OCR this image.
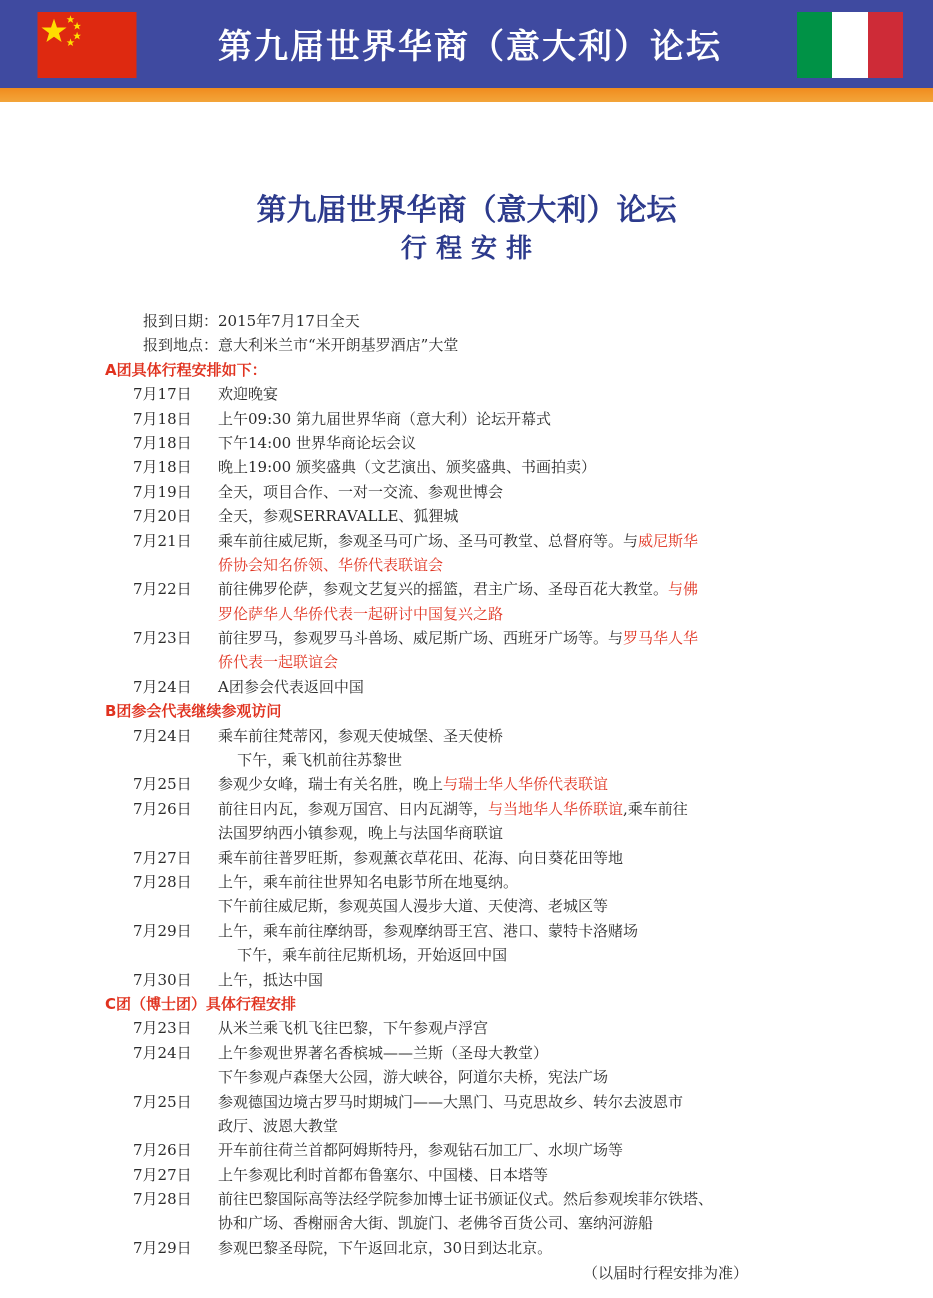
第九届世界华商（意大利）论坛
第九届世界华商（意大利）论坛
行 程 安 排
报到日期：2015年7月17日全天
报到地点：意大利米兰市“米开朗基罗酒店”大堂
A团具体行程安排如下：
7月17日	欢迎晚宴
7月18日	上午09:30 第九届世界华商（意大利）论坛开幕式
7月18日	下午14:00 世界华商论坛会议
7月18日	晚上19:00 颁奖盛典（文艺演出、颁奖盛典、书画拍卖）
7月19日	全天，项目合作、一对一交流、参观世博会
7月20日	全天，参观SERRAVALLE、狐狸城
7月21日	乘车前往威尼斯，参观圣马可广场、圣马可教堂、总督府等。与威尼斯华
侨协会知名侨领、华侨代表联谊会
7月22日	前往佛罗伦萨，参观文艺复兴的摇篮，君主广场、圣母百花大教堂。与佛
罗伦萨华人华侨代表一起研讨中国复兴之路
7月23日	前往罗马，参观罗马斗兽场、威尼斯广场、西班牙广场等。与罗马华人华
侨代表一起联谊会
7月24日	A团参会代表返回中国
B团参会代表继续参观访问
7月24日	乘车前往梵蒂冈，参观天使城堡、圣天使桥
下午，乘飞机前往苏黎世
7月25日	参观少女峰，瑞士有关名胜，晚上与瑞士华人华侨代表联谊
7月26日	前往日内瓦，参观万国宫、日内瓦湖等，与当地华人华侨联谊,乘车前往
法国罗纳西小镇参观，晚上与法国华商联谊
7月27日	乘车前往普罗旺斯，参观薰衣草花田、花海、向日葵花田等地
7月28日	上午，乘车前往世界知名电影节所在地戛纳。
下午前往威尼斯，参观英国人漫步大道、天使湾、老城区等
7月29日	上午，乘车前往摩纳哥，参观摩纳哥王宫、港口、蒙特卡洛赌场
下午，乘车前往尼斯机场，开始返回中国
7月30日	上午，抵达中国
C团（博士团）具体行程安排
7月23日	从米兰乘飞机飞往巴黎，下午参观卢浮宫
7月24日	上午参观世界著名香槟城——兰斯（圣母大教堂）
下午参观卢森堡大公园，游大峡谷，阿道尔夫桥，宪法广场
7月25日	参观德国边境古罗马时期城门——大黑门、马克思故乡、转尔去波恩市
政厅、波恩大教堂
7月26日	开车前往荷兰首都阿姆斯特丹，参观钻石加工厂、水坝广场等
7月27日	上午参观比利时首都布鲁塞尔、中国楼、日本塔等
7月28日	前往巴黎国际高等法经学院参加博士证书颁证仪式。然后参观埃菲尔铁塔、
协和广场、香榭丽舍大街、凯旋门、老佛爷百货公司、塞纳河游船
7月29日	参观巴黎圣母院，下午返回北京，30日到达北京。
（以届时行程安排为准）
